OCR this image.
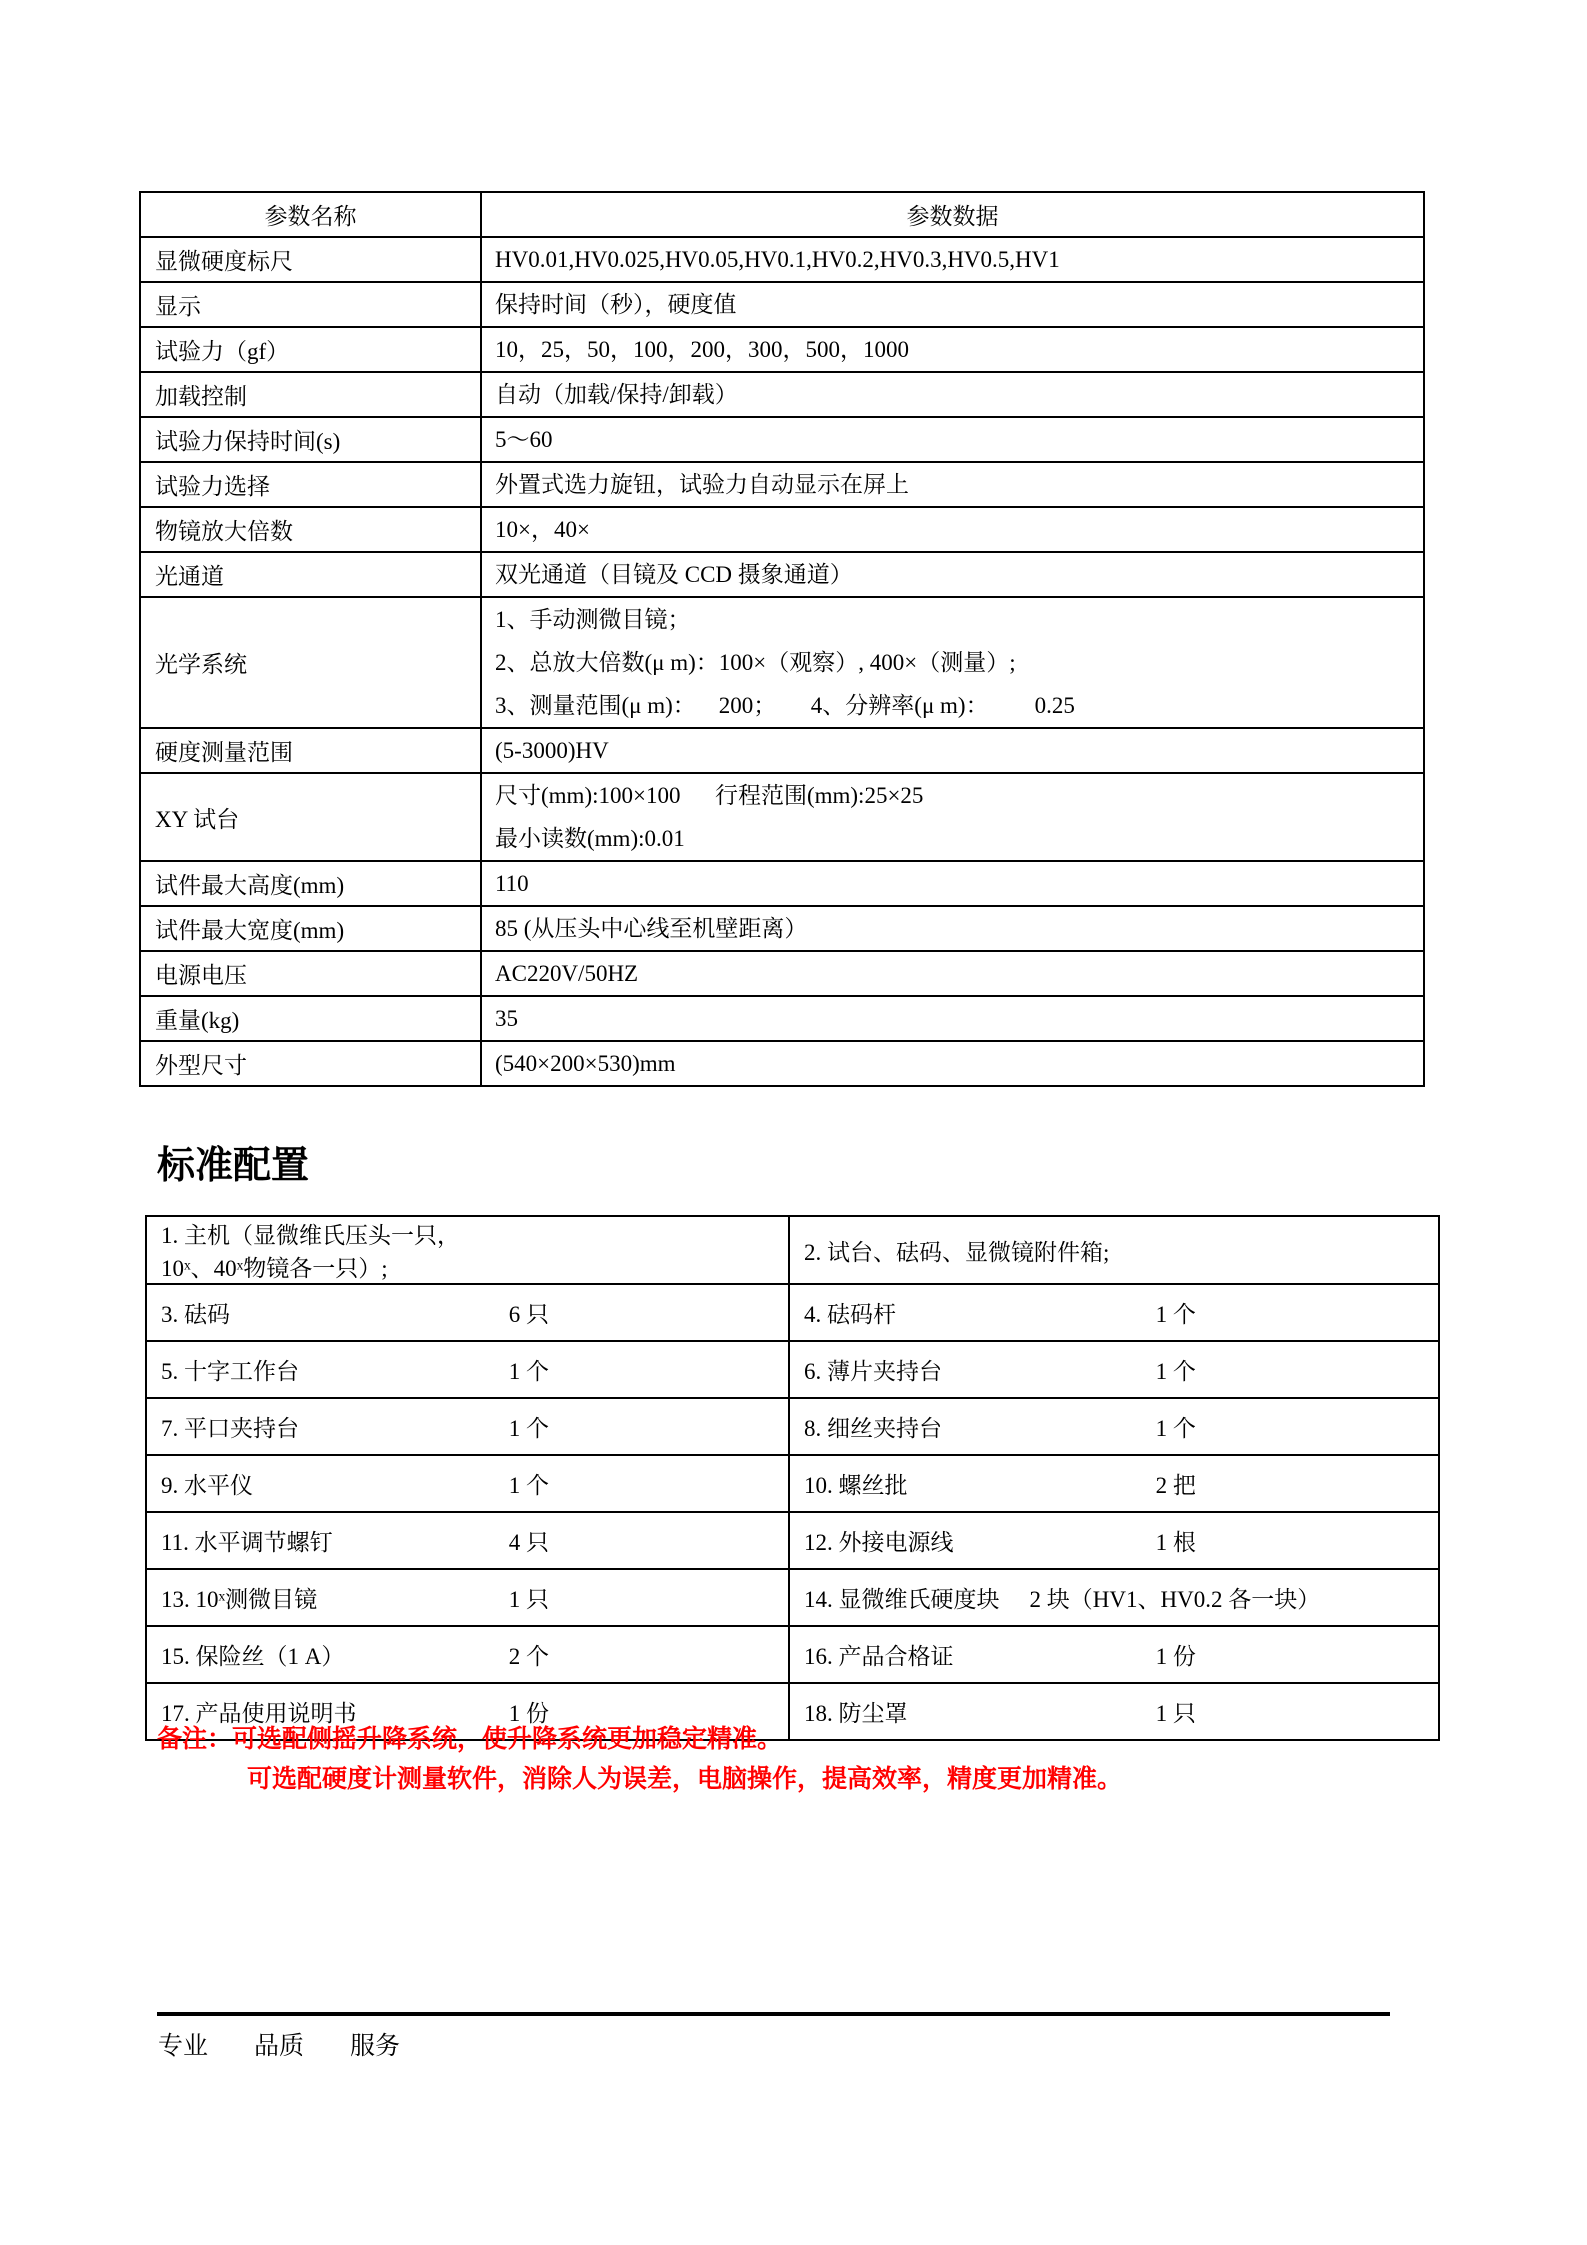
参数名称	参数数据
显微硬度标尺	HV0.01,HV0.025,HV0.05,HV0.1,HV0.2,HV0.3,HV0.5,HV1

显示	保持时间（秒），硬度值

试验力（gf）	10，25，50，100，200，300，500，1000

加载控制	自动（加载/保持/卸载）

试验力保持时间(s)	5～60

试验力选择	外置式选力旋钮，试验力自动显示在屏上

物镜放大倍数	10×，40×

光通道	双光通道（目镜及 CCD 摄象通道）

光学系统	1、手动测微目镜；
2、总放大倍数(μ m)：100×（观察）, 400×（测量）;
3、测量范围(μ m)：    200；      4、分辨率(μ m)：        0.25

硬度测量范围	(5-3000)HV

XY 试台	尺寸(mm):100×100      行程范围(mm):25×25
最小读数(mm):0.01

试件最大高度(mm)	110

试件最大宽度(mm)	85 (从压头中心线至机壁距离）

电源电压	AC220V/50HZ

重量(kg)	35

外型尺寸	(540×200×530)mm
标准配置
1. 主机（显微维氏压头一只，10ˣ、40ˣ物镜各一只）;	2. 试台、砝码、显微镜附件箱;

3. 砝码 6 只	4. 砝码杆 1 个

5. 十字工作台 1 个	6. 薄片夹持台 1 个

7. 平口夹持台 1 个	8. 细丝夹持台 1 个

9. 水平仪 1 个	10. 螺丝批 2 把

11. 水平调节螺钉 4 只	12. 外接电源线 1 根

13. 10ˣ测微目镜 1 只	14. 显微维氏硬度块 2 块（HV1、HV0.2 各一块）

15. 保险丝（1 A） 2 个	16. 产品合格证 1 份

17. 产品使用说明书 1 份	18. 防尘罩 1 只
备注：可选配侧摇升降系统，使升降系统更加稳定精准。
可选配硬度计测量软件，消除人为误差，电脑操作，提高效率，精度更加精准。
专业 品质 服务
